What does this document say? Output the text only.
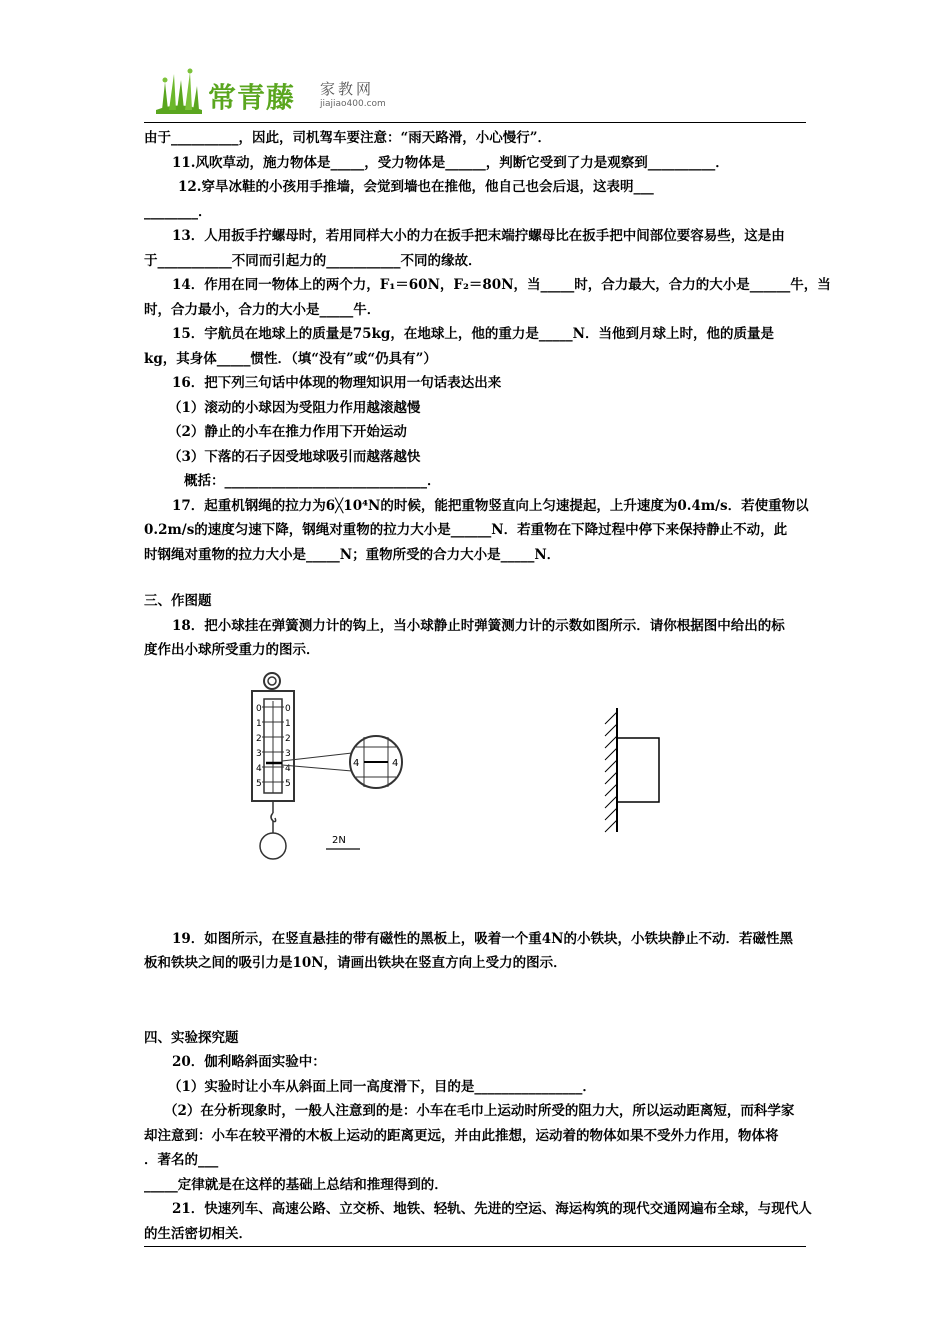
常青藤 家教网
jiajiao400.com
由于__________，因此，司机驾车要注意：“雨天路滑，小心慢行”．
11.风吹草动，施力物体是_____，受力物体是______，判断它受到了力是观察到__________．
12.穿旱冰鞋的小孩用手推墙，会觉到墙也在推他，他自己也会后退，这表明___
________．
13．人用扳手拧螺母时，若用同样大小的力在扳手把末端拧螺母比在扳手把中间部位要容易些，这是由
于___________不同而引起力的___________不同的缘故．
14．作用在同一物体上的两个力，F₁＝60N，F₂＝80N，当_____时，合力最大，合力的大小是______牛，当
时，合力最小，合力的大小是_____牛．
15．宇航员在地球上的质量是75kg，在地球上，他的重力是_____N．当他到月球上时，他的质量是
kg，其身体_____惯性．（填“没有”或“仍具有”）
16．把下列三句话中体现的物理知识用一句话表达出来
（1）滚动的小球因为受阻力作用越滚越慢
（2）静止的小车在推力作用下开始运动
（3）下落的石子因受地球吸引而越落越快
概括：______________________________．
17．起重机钢绳的拉力为6╳10⁴N的时候，能把重物竖直向上匀速提起，上升速度为0.4m/s．若使重物以
0.2m/s的速度匀速下降，钢绳对重物的拉力大小是______N．若重物在下降过程中停下来保持静止不动，此
时钢绳对重物的拉力大小是_____N；重物所受的合力大小是_____N．
三、作图题
18．把小球挂在弹簧测力计的钩上，当小球静止时弹簧测力计的示数如图所示．请你根据图中给出的标
度作出小球所受重力的图示．
0
1
2
3
4
5
0
1
2
3
4
5
4	4
2N
19．如图所示，在竖直悬挂的带有磁性的黑板上，吸着一个重4N的小铁块，小铁块静止不动．若磁性黑
板和铁块之间的吸引力是10N，请画出铁块在竖直方向上受力的图示．
四、实验探究题
20．伽利略斜面实验中：
（1）实验时让小车从斜面上同一高度滑下，目的是________________．
（2）在分析现象时，一般人注意到的是：小车在毛巾上运动时所受的阻力大，所以运动距离短，而科学家
却注意到：小车在较平滑的木板上运动的距离更远，并由此推想，运动着的物体如果不受外力作用，物体将
．著名的___
_____定律就是在这样的基础上总结和推理得到的．
21．快速列车、高速公路、立交桥、地铁、轻轨、先进的空运、海运构筑的现代交通网遍布全球，与现代人
的生活密切相关．
